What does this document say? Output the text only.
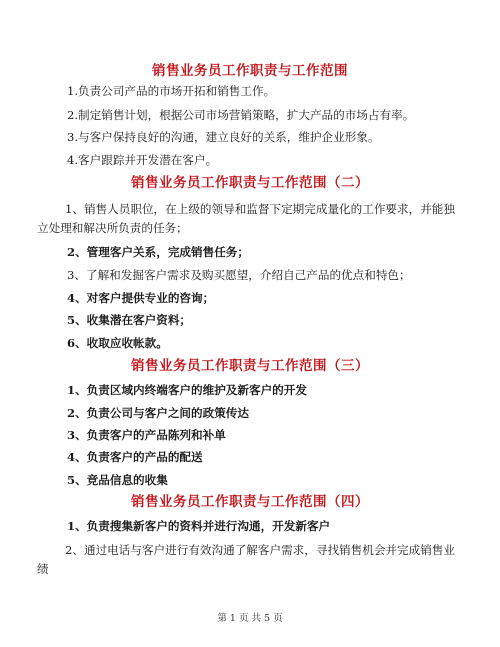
销售业务员工作职责与工作范围
1.负责公司产品的市场开拓和销售工作。
2.制定销售计划，根据公司市场营销策略，扩大产品的市场占有率。
3.与客户保持良好的沟通，建立良好的关系，维护企业形象。
4.客户跟踪并开发潜在客户。
销售业务员工作职责与工作范围（二）
1、销售人员职位，在上级的领导和监督下定期完成量化的工作要求，并能独
立处理和解决所负责的任务；
2、管理客户关系，完成销售任务；
3、了解和发掘客户需求及购买愿望，介绍自己产品的优点和特色；
4、对客户提供专业的咨询；
5、收集潜在客户资料；
6、收取应收帐款。
销售业务员工作职责与工作范围（三）
1、负责区域内终端客户的维护及新客户的开发
2、负责公司与客户之间的政策传达
3、负责客户的产品陈列和补单
4、负责客户的产品的配送
5、竞品信息的收集
销售业务员工作职责与工作范围（四）
1、负责搜集新客户的资料并进行沟通，开发新客户
2、通过电话与客户进行有效沟通了解客户需求，寻找销售机会并完成销售业
绩
第 1 页 共 5 页
